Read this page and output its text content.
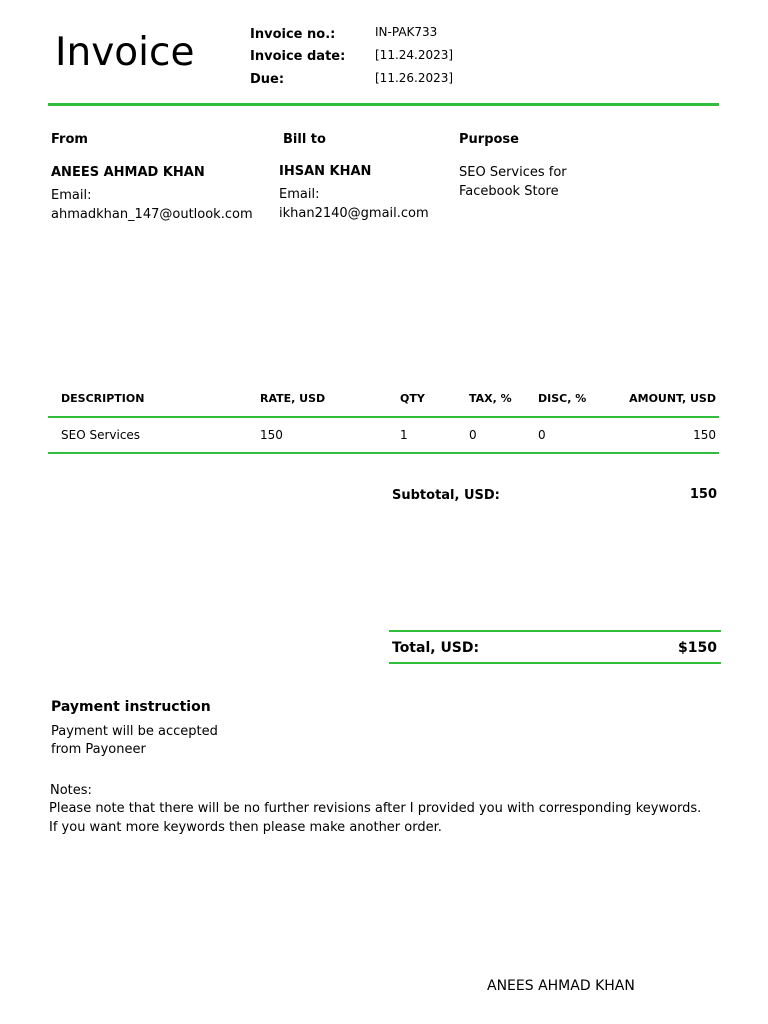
Invoice	Invoice no.:	IN-PAK733
Invoice date: [11.24.2023]
Due:	[11.26.2023]
From
ANEES AHMAD KHAN
Email:
ahmadkhan_147@outlook.com
Bill to
IHSAN KHAN
Email:
ikhan2140@gmail.com
Purpose
SEO Services for
Facebook Store
DESCRIPTION	RATE, USD	QTY	TAX, % DISC, %	AMOUNT, USD
SEO Services	150	1	0	0	150
Subtotal, USD:	150
Total, USD:	$150
Payment instruction
Payment will be accepted
from Payoneer
Notes:
Please note that there will be no further revisions after I provided you with corresponding keywords.
If you want more keywords then please make another order.
ANEES AHMAD KHAN
